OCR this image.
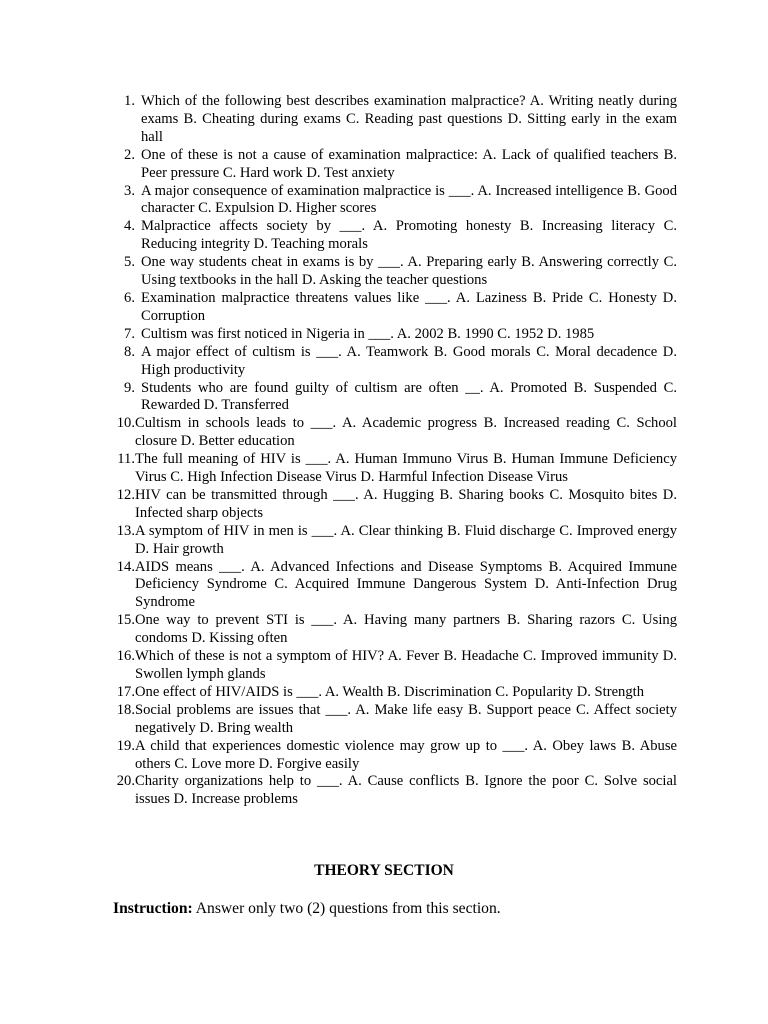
1. Which of the following best describes examination malpractice? A. Writing neatly during exams B. Cheating during exams C. Reading past questions D. Sitting early in the exam hall
2. One of these is not a cause of examination malpractice: A. Lack of qualified teachers B. Peer pressure C. Hard work D. Test anxiety
3. A major consequence of examination malpractice is ___. A. Increased intelligence B. Good character C. Expulsion D. Higher scores
4. Malpractice affects society by ___. A. Promoting honesty B. Increasing literacy C. Reducing integrity D. Teaching morals
5. One way students cheat in exams is by ___. A. Preparing early B. Answering correctly C. Using textbooks in the hall D. Asking the teacher questions
6. Examination malpractice threatens values like ___. A. Laziness B. Pride C. Honesty D. Corruption
7. Cultism was first noticed in Nigeria in ___. A. 2002 B. 1990 C. 1952 D. 1985
8. A major effect of cultism is ___. A. Teamwork B. Good morals C. Moral decadence D. High productivity
9. Students who are found guilty of cultism are often __. A. Promoted B. Suspended C. Rewarded D. Transferred
10. Cultism in schools leads to ___. A. Academic progress B. Increased reading C. School closure D. Better education
11. The full meaning of HIV is ___. A. Human Immuno Virus B. Human Immune Deficiency Virus C. High Infection Disease Virus D. Harmful Infection Disease Virus
12. HIV can be transmitted through ___. A. Hugging B. Sharing books C. Mosquito bites D. Infected sharp objects
13. A symptom of HIV in men is ___. A. Clear thinking B. Fluid discharge C. Improved energy D. Hair growth
14. AIDS means ___. A. Advanced Infections and Disease Symptoms B. Acquired Immune Deficiency Syndrome C. Acquired Immune Dangerous System D. Anti-Infection Drug Syndrome
15. One way to prevent STI is ___. A. Having many partners B. Sharing razors C. Using condoms D. Kissing often
16. Which of these is not a symptom of HIV? A. Fever B. Headache C. Improved immunity D. Swollen lymph glands
17. One effect of HIV/AIDS is ___. A. Wealth B. Discrimination C. Popularity D. Strength
18. Social problems are issues that ___. A. Make life easy B. Support peace C. Affect society negatively D. Bring wealth
19. A child that experiences domestic violence may grow up to ___. A. Obey laws B. Abuse others C. Love more D. Forgive easily
20. Charity organizations help to ___. A. Cause conflicts B. Ignore the poor C. Solve social issues D. Increase problems
THEORY SECTION

Instruction: Answer only two (2) questions from this section.
